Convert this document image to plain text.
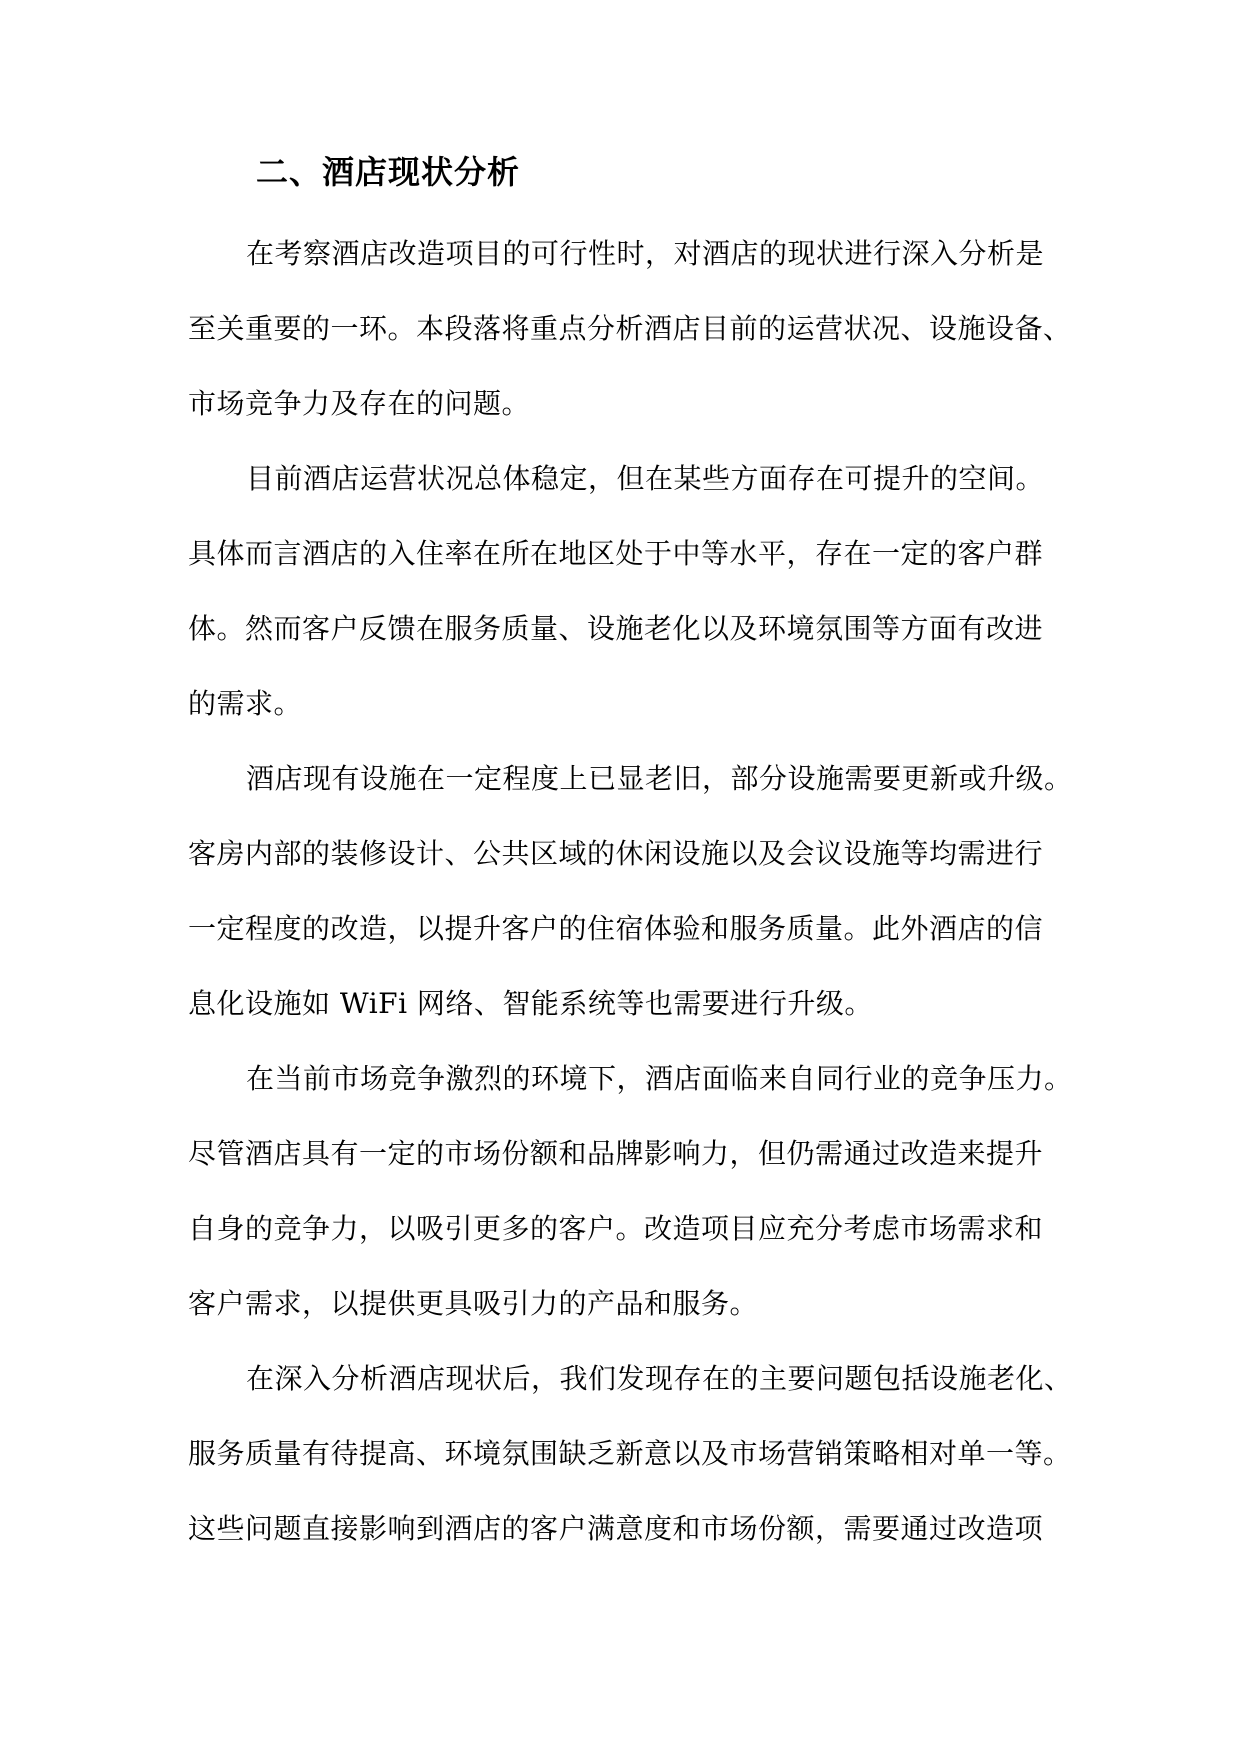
二、酒店现状分析
在考察酒店改造项目的可行性时，对酒店的现状进行深入分析是
至关重要的一环。本段落将重点分析酒店目前的运营状况、设施设备、
市场竞争力及存在的问题。
目前酒店运营状况总体稳定，但在某些方面存在可提升的空间。
具体而言酒店的入住率在所在地区处于中等水平，存在一定的客户群
体。然而客户反馈在服务质量、设施老化以及环境氛围等方面有改进
的需求。
酒店现有设施在一定程度上已显老旧，部分设施需要更新或升级。
客房内部的装修设计、公共区域的休闲设施以及会议设施等均需进行
一定程度的改造，以提升客户的住宿体验和服务质量。此外酒店的信
息化设施如 WiFi 网络、智能系统等也需要进行升级。
在当前市场竞争激烈的环境下，酒店面临来自同行业的竞争压力。
尽管酒店具有一定的市场份额和品牌影响力，但仍需通过改造来提升
自身的竞争力，以吸引更多的客户。改造项目应充分考虑市场需求和
客户需求，以提供更具吸引力的产品和服务。
在深入分析酒店现状后，我们发现存在的主要问题包括设施老化、
服务质量有待提高、环境氛围缺乏新意以及市场营销策略相对单一等。
这些问题直接影响到酒店的客户满意度和市场份额，需要通过改造项
